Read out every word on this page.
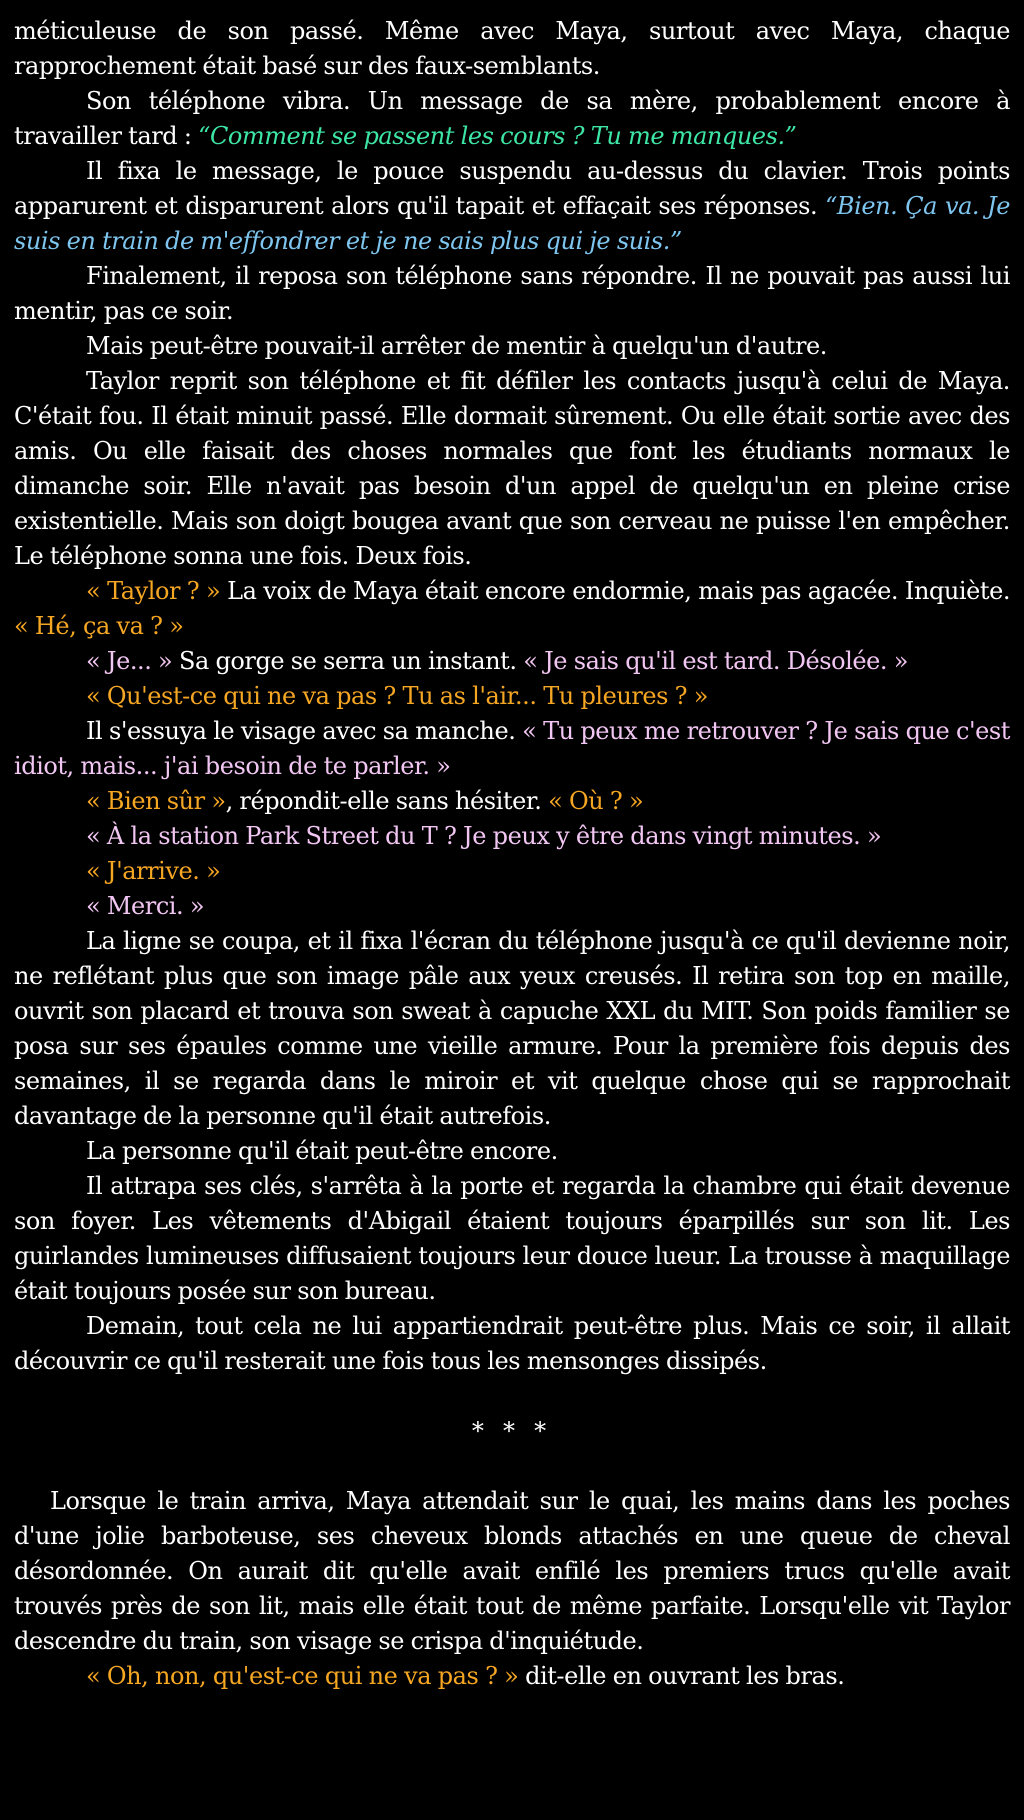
méticuleuse de son passé. Même avec Maya, surtout avec Maya, chaque rapprochement était basé sur des faux-semblants.

Son téléphone vibra. Un message de sa mère, probablement encore à travailler tard : “Comment se passent les cours ? Tu me manques.”

Il fixa le message, le pouce suspendu au-dessus du clavier. Trois points apparurent et disparurent alors qu'il tapait et effaçait ses réponses. “Bien. Ça va. Je suis en train de m'effondrer et je ne sais plus qui je suis.”

Finalement, il reposa son téléphone sans répondre. Il ne pouvait pas aussi lui mentir, pas ce soir.

Mais peut-être pouvait-il arrêter de mentir à quelqu'un d'autre.

Taylor reprit son téléphone et fit défiler les contacts jusqu'à celui de Maya. C'était fou. Il était minuit passé. Elle dormait sûrement. Ou elle était sortie avec des amis. Ou elle faisait des choses normales que font les étudiants normaux le dimanche soir. Elle n'avait pas besoin d'un appel de quelqu'un en pleine crise existentielle. Mais son doigt bougea avant que son cerveau ne puisse l'en empêcher. Le téléphone sonna une fois. Deux fois.

« Taylor ? » La voix de Maya était encore endormie, mais pas agacée. Inquiète. « Hé, ça va ? »

« Je... » Sa gorge se serra un instant. « Je sais qu'il est tard. Désolée. »

« Qu'est-ce qui ne va pas ? Tu as l'air... Tu pleures ? »

Il s'essuya le visage avec sa manche. « Tu peux me retrouver ? Je sais que c'est idiot, mais... j'ai besoin de te parler. »

« Bien sûr », répondit-elle sans hésiter. « Où ? »

« À la station Park Street du T ? Je peux y être dans vingt minutes. »

« J'arrive. »

« Merci. »

La ligne se coupa, et il fixa l'écran du téléphone jusqu'à ce qu'il devienne noir, ne reflétant plus que son image pâle aux yeux creusés. Il retira son top en maille, ouvrit son placard et trouva son sweat à capuche XXL du MIT. Son poids familier se posa sur ses épaules comme une vieille armure. Pour la première fois depuis des semaines, il se regarda dans le miroir et vit quelque chose qui se rapprochait davantage de la personne qu'il était autrefois.

La personne qu'il était peut-être encore.

Il attrapa ses clés, s'arrêta à la porte et regarda la chambre qui était devenue son foyer. Les vêtements d'Abigail étaient toujours éparpillés sur son lit. Les guirlandes lumineuses diffusaient toujours leur douce lueur. La trousse à maquillage était toujours posée sur son bureau.

Demain, tout cela ne lui appartiendrait peut-être plus. Mais ce soir, il allait découvrir ce qu'il resterait une fois tous les mensonges dissipés.

* * *

Lorsque le train arriva, Maya attendait sur le quai, les mains dans les poches d'une jolie barboteuse, ses cheveux blonds attachés en une queue de cheval désordonnée. On aurait dit qu'elle avait enfilé les premiers trucs qu'elle avait trouvés près de son lit, mais elle était tout de même parfaite. Lorsqu'elle vit Taylor descendre du train, son visage se crispa d'inquiétude.

« Oh, non, qu'est-ce qui ne va pas ? » dit-elle en ouvrant les bras.
